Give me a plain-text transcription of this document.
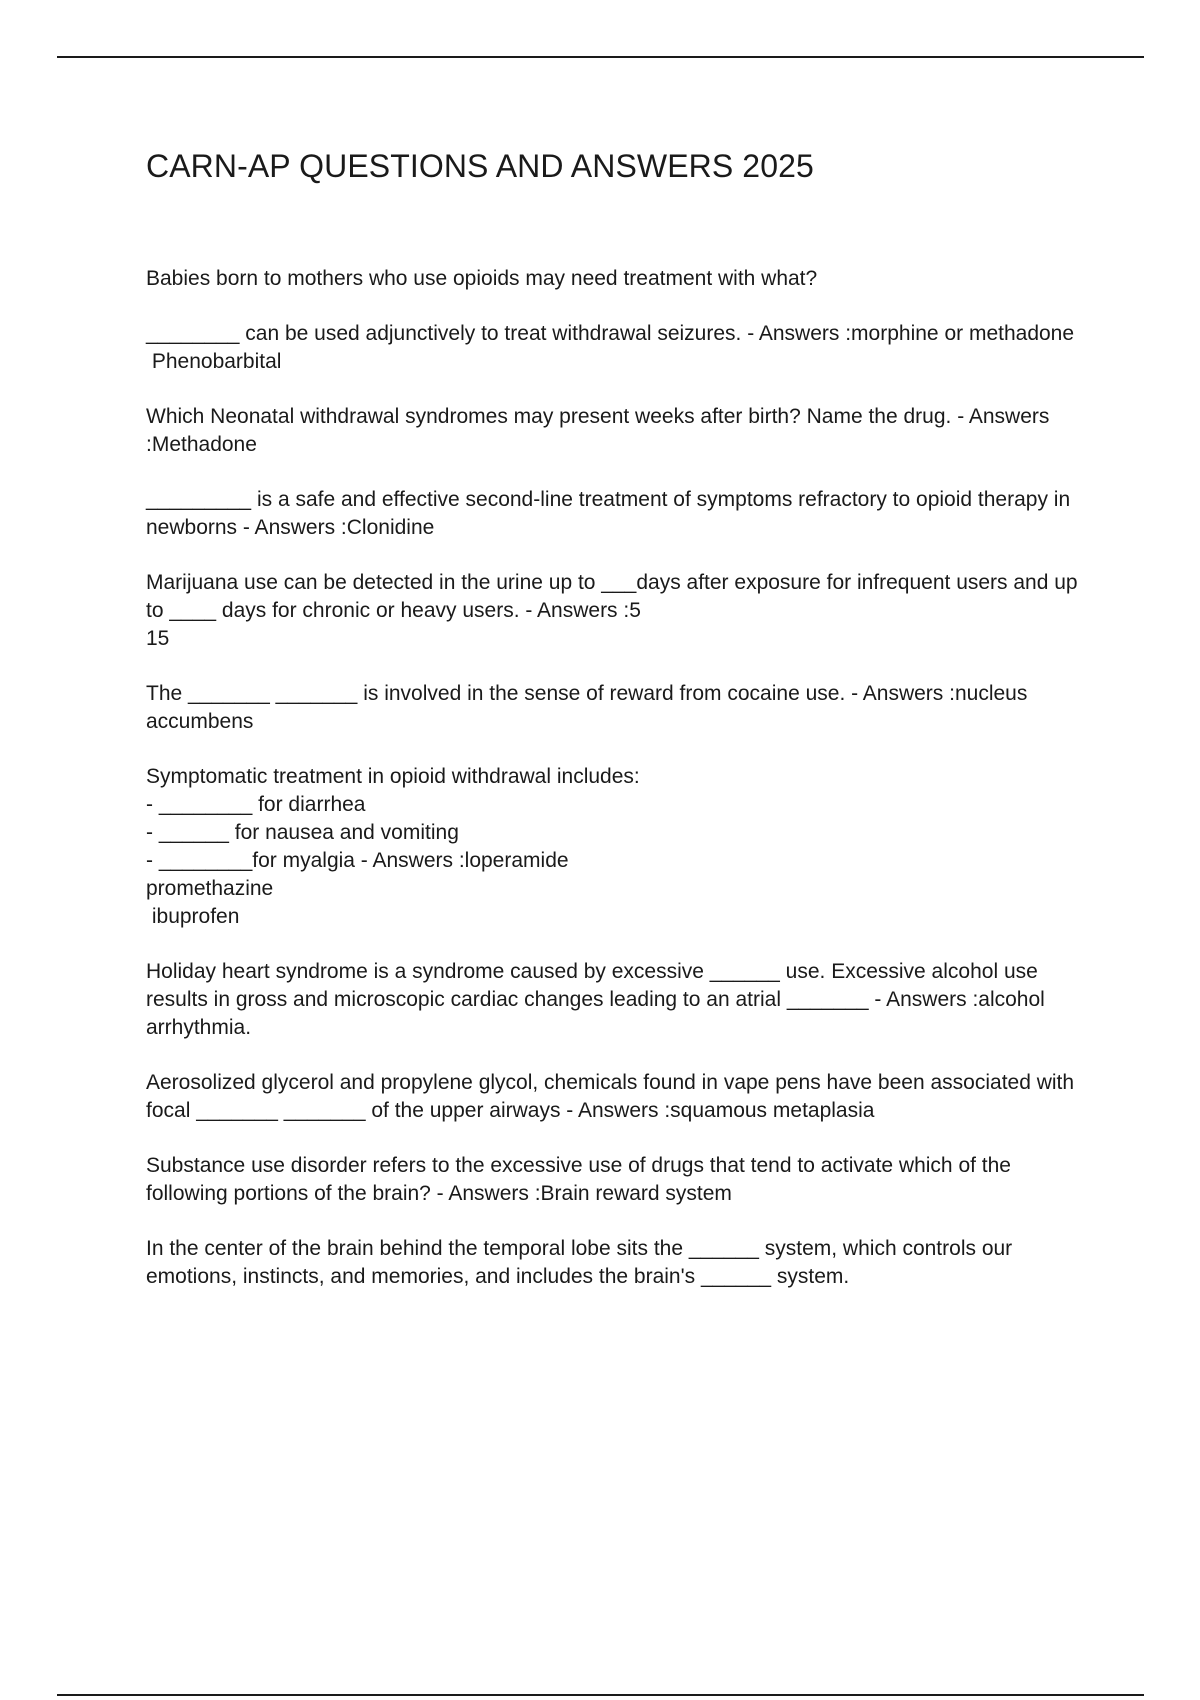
CARN-AP QUESTIONS AND ANSWERS 2025
Babies born to mothers who use opioids may need treatment with what?
________ can be used adjunctively to treat withdrawal seizures. - Answers :morphine or methadone
Phenobarbital
Which Neonatal withdrawal syndromes may present weeks after birth? Name the drug. - Answers :Methadone
_________ is a safe and effective second-line treatment of symptoms refractory to opioid therapy in newborns - Answers :Clonidine
Marijuana use can be detected in the urine up to ___days after exposure for infrequent users and up to ____ days for chronic or heavy users. - Answers :5
15
The _______ _______ is involved in the sense of reward from cocaine use. - Answers :nucleus accumbens
Symptomatic treatment in opioid withdrawal includes:
- ________ for diarrhea
- ______ for nausea and vomiting
- ________for myalgia - Answers :loperamide
promethazine
ibuprofen
Holiday heart syndrome is a syndrome caused by excessive ______ use. Excessive alcohol use results in gross and microscopic cardiac changes leading to an atrial _______ - Answers :alcohol
arrhythmia.
Aerosolized glycerol and propylene glycol, chemicals found in vape pens have been associated with focal _______ _______ of the upper airways - Answers :squamous metaplasia
Substance use disorder refers to the excessive use of drugs that tend to activate which of the following portions of the brain? - Answers :Brain reward system
In the center of the brain behind the temporal lobe sits the ______ system, which controls our emotions, instincts, and memories, and includes the brain's ______ system.
